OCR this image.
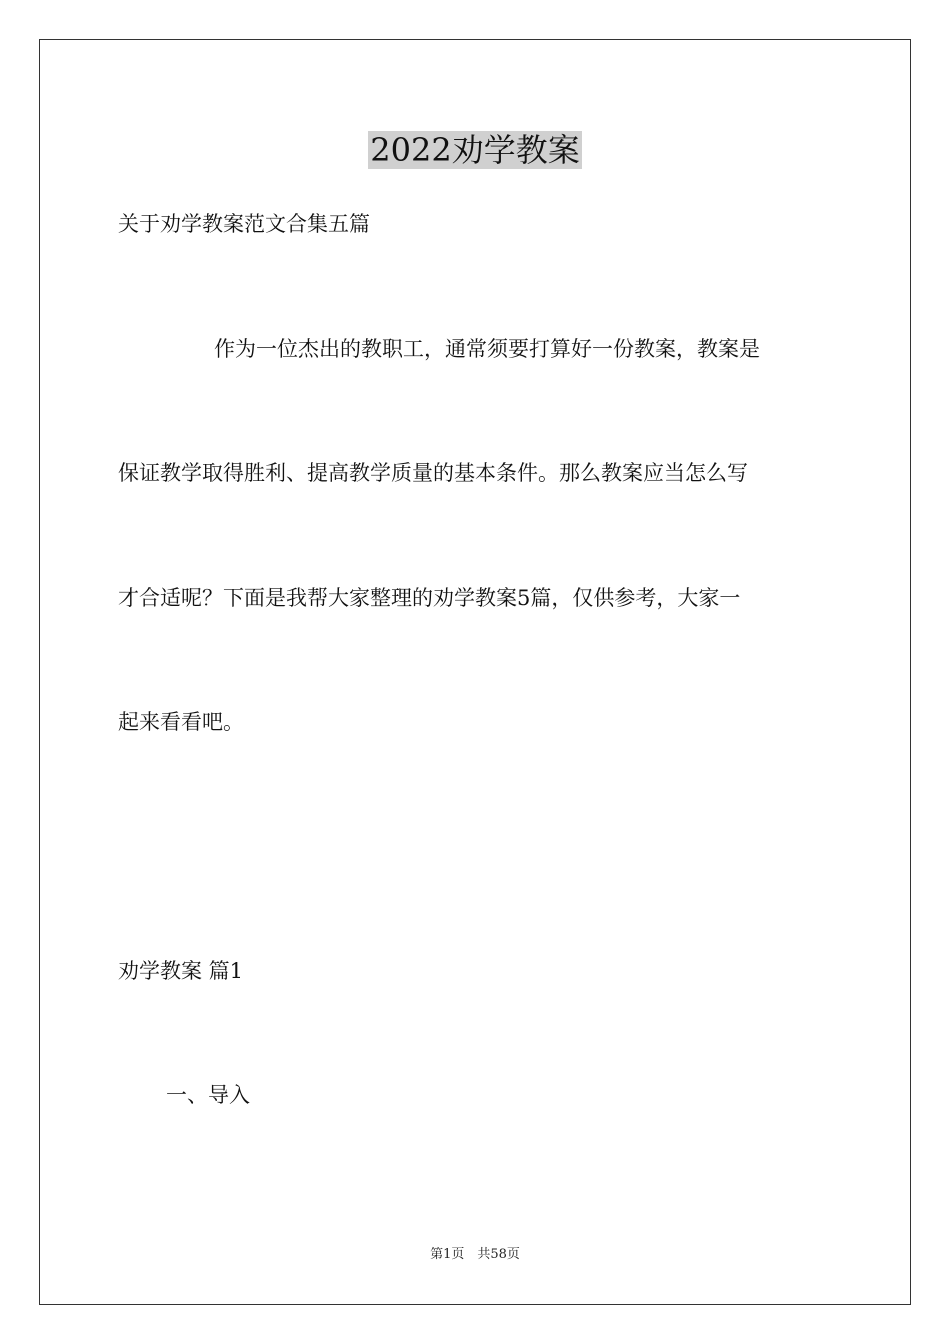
2022劝学教案
关于劝学教案范文合集五篇
作为一位杰出的教职工，通常须要打算好一份教案，教案是
保证教学取得胜利、提高教学质量的基本条件。那么教案应当怎么写
才合适呢？下面是我帮大家整理的劝学教案5篇，仅供参考，大家一
起来看看吧。
劝学教案 篇1
一、导入
第1页　共58页
